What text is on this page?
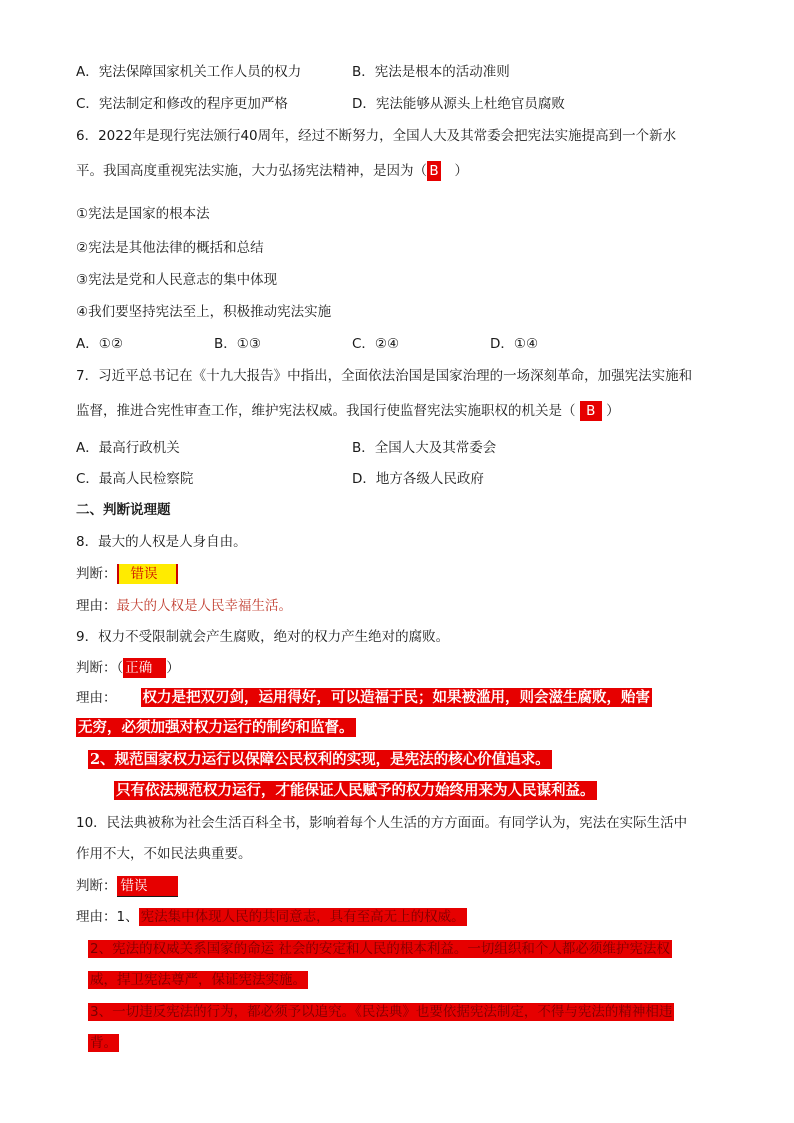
A．宪法保障国家机关工作人员的权力	B．宪法是根本的活动准则
C．宪法制定和修改的程序更加严格	D．宪法能够从源头上杜绝官员腐败
6．2022年是现行宪法颁行40周年，经过不断努力，全国人大及其常委会把宪法实施提高到一个新水
平。我国高度重视宪法实施，大力弘扬宪法精神，是因为（ B　）
①宪法是国家的根本法
②宪法是其他法律的概括和总结
③宪法是党和人民意志的集中体现
④我们要坚持宪法至上，积极推动宪法实施
A．①②	B．①③	C．②④	D．①④
7．习近平总书记在《十九大报告》中指出，全面依法治国是国家治理的一场深刻革命，加强宪法实施和
监督，推进合宪性审查工作，维护宪法权威。我国行使监督宪法实施职权的机关是（ B ）
A．最高行政机关	B．全国人大及其常委会
C．最高人民检察院	D．地方各级人民政府
二、判断说理题
8．最大的人权是人身自由。
判断： 错误
理由：最大的人权是人民幸福生活。
9．权力不受限制就会产生腐败，绝对的权力产生绝对的腐败。
判断：（ 正确 ）
理由： 权力是把双刃剑，运用得好，可以造福于民；如果被滥用，则会滋生腐败，贻害
无穷，必须加强对权力运行的制约和监督。
2、规范国家权力运行以保障公民权利的实现，是宪法的核心价值追求。
只有依法规范权力运行，才能保证人民赋予的权力始终用来为人民谋利益。
10．民法典被称为社会生活百科全书，影响着每个人生活的方方面面。有同学认为，宪法在实际生活中
作用不大，不如民法典重要。
判断： 错误
理由：1、 宪法集中体现人民的共同意志，具有至高无上的权威。
2、宪法的权威关系国家的命运 社会的安定和人民的根本利益。一切组织和个人都必须维护宪法权
威，捍卫宪法尊严，保证宪法实施。
3、一切违反宪法的行为，都必须予以追究。《民法典》也要依据宪法制定，不得与宪法的精神相违
背。
